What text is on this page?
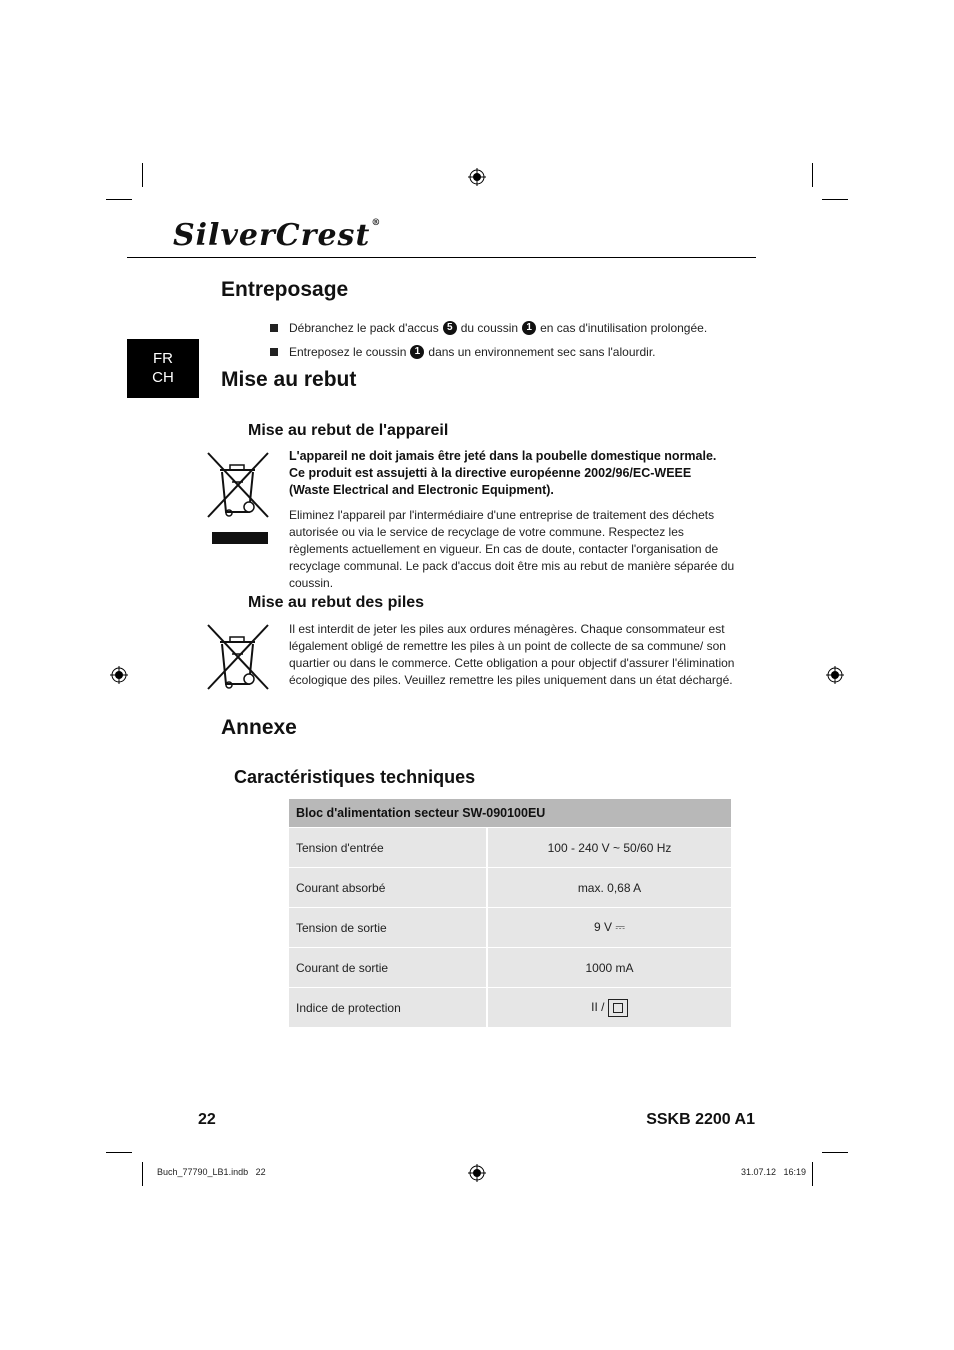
SilverCrest®
FR
CH
Entreposage
Débranchez le pack d'accus 5 du coussin 1 en cas d'inutilisation prolongée.
Entreposez le coussin 1 dans un environnement sec sans l'alourdir.
Mise au rebut
Mise au rebut de l'appareil

L'appareil ne doit jamais être jeté dans la poubelle domestique normale. Ce produit est assujetti à la directive européenne 2002/96/EC-WEEE (Waste Electrical and Electronic Equipment).

Eliminez l'appareil par l'intermédiaire d'une entreprise de traitement des déchets autorisée ou via le service de recyclage de votre commune. Respectez les règlements actuellement en vigueur. En cas de doute, contacter l'organisation de recyclage communal. Le pack d'accus doit être mis au rebut de manière séparée du coussin.

Mise au rebut des piles

Il est interdit de jeter les piles aux ordures ménagères. Chaque consommateur est légalement obligé de remettre les piles à un point de collecte de sa commune/ son quartier ou dans le commerce. Cette obligation a pour objectif d'assurer l'élimination écologique des piles. Veuillez remettre les piles uniquement dans un état déchargé.

Annexe
Caractéristiques techniques
Bloc d'alimentation secteur SW-090100EU	
Tension d'entrée	100 - 240 V ~ 50/60 Hz
Courant absorbé	max. 0,68 A
Tension de sortie	9 V ⎓
Courant de sortie	1000 mA
Indice de protection	II /
22	SSKB 2200 A1
Buch_77790_LB1.indb   22	31.07.12   16:19
